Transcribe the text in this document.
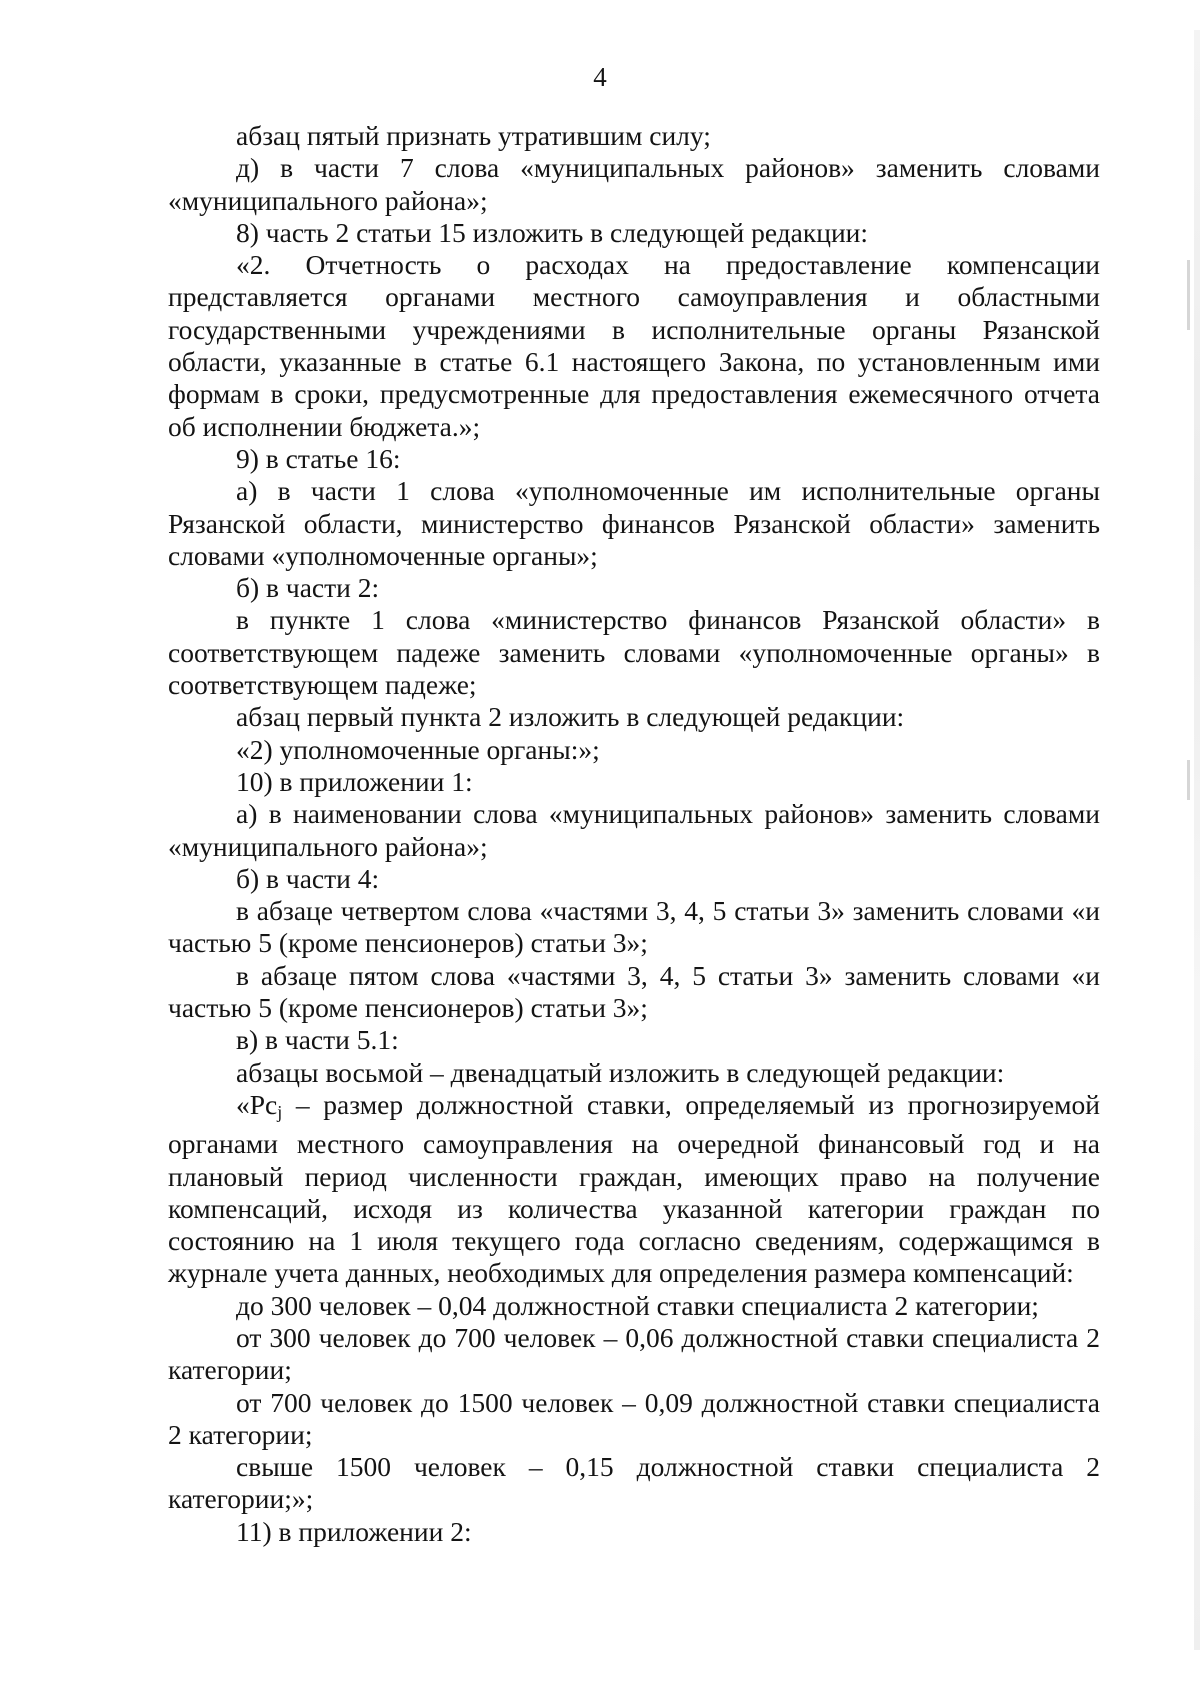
4

абзац пятый признать утратившим силу;

д) в части 7 слова «муниципальных районов» заменить словами «муниципального района»;

8) часть 2 статьи 15 изложить в следующей редакции:

«2. Отчетность о расходах на предоставление компенсации представляется органами местного самоуправления и областными государственными учреждениями в исполнительные органы Рязанской области, указанные в статье 6.1 настоящего Закона, по установленным ими формам в сроки, предусмотренные для предоставления ежемесячного отчета об исполнении бюджета.»;

9) в статье 16:

а) в части 1 слова «уполномоченные им исполнительные органы Рязанской области, министерство финансов Рязанской области» заменить словами «уполномоченные органы»;

б) в части 2:

в пункте 1 слова «министерство финансов Рязанской области» в соответствующем падеже заменить словами «уполномоченные органы» в соответствующем падеже;

абзац первый пункта 2 изложить в следующей редакции:

«2) уполномоченные органы:»;

10) в приложении 1:

а) в наименовании слова «муниципальных районов» заменить словами «муниципального района»;

б) в части 4:

в абзаце четвертом слова «частями 3, 4, 5 статьи 3» заменить словами «и частью 5 (кроме пенсионеров) статьи 3»;

в абзаце пятом слова «частями 3, 4, 5 статьи 3» заменить словами «и частью 5 (кроме пенсионеров) статьи 3»;

в) в части 5.1:

абзацы восьмой – двенадцатый изложить в следующей редакции:

«$Рс_j$ – размер должностной ставки, определяемый из прогнозируемой органами местного самоуправления на очередной финансовый год и на плановый период численности граждан, имеющих право на получение компенсаций, исходя из количества указанной категории граждан по состоянию на 1 июля текущего года согласно сведениям, содержащимся в журнале учета данных, необходимых для определения размера компенсаций:

до 300 человек – 0,04 должностной ставки специалиста 2 категории;

от 300 человек до 700 человек – 0,06 должностной ставки специалиста 2 категории;

от 700 человек до 1500 человек – 0,09 должностной ставки специалиста 2 категории;

свыше 1500 человек – 0,15 должностной ставки специалиста 2 категории;»;

11) в приложении 2:
